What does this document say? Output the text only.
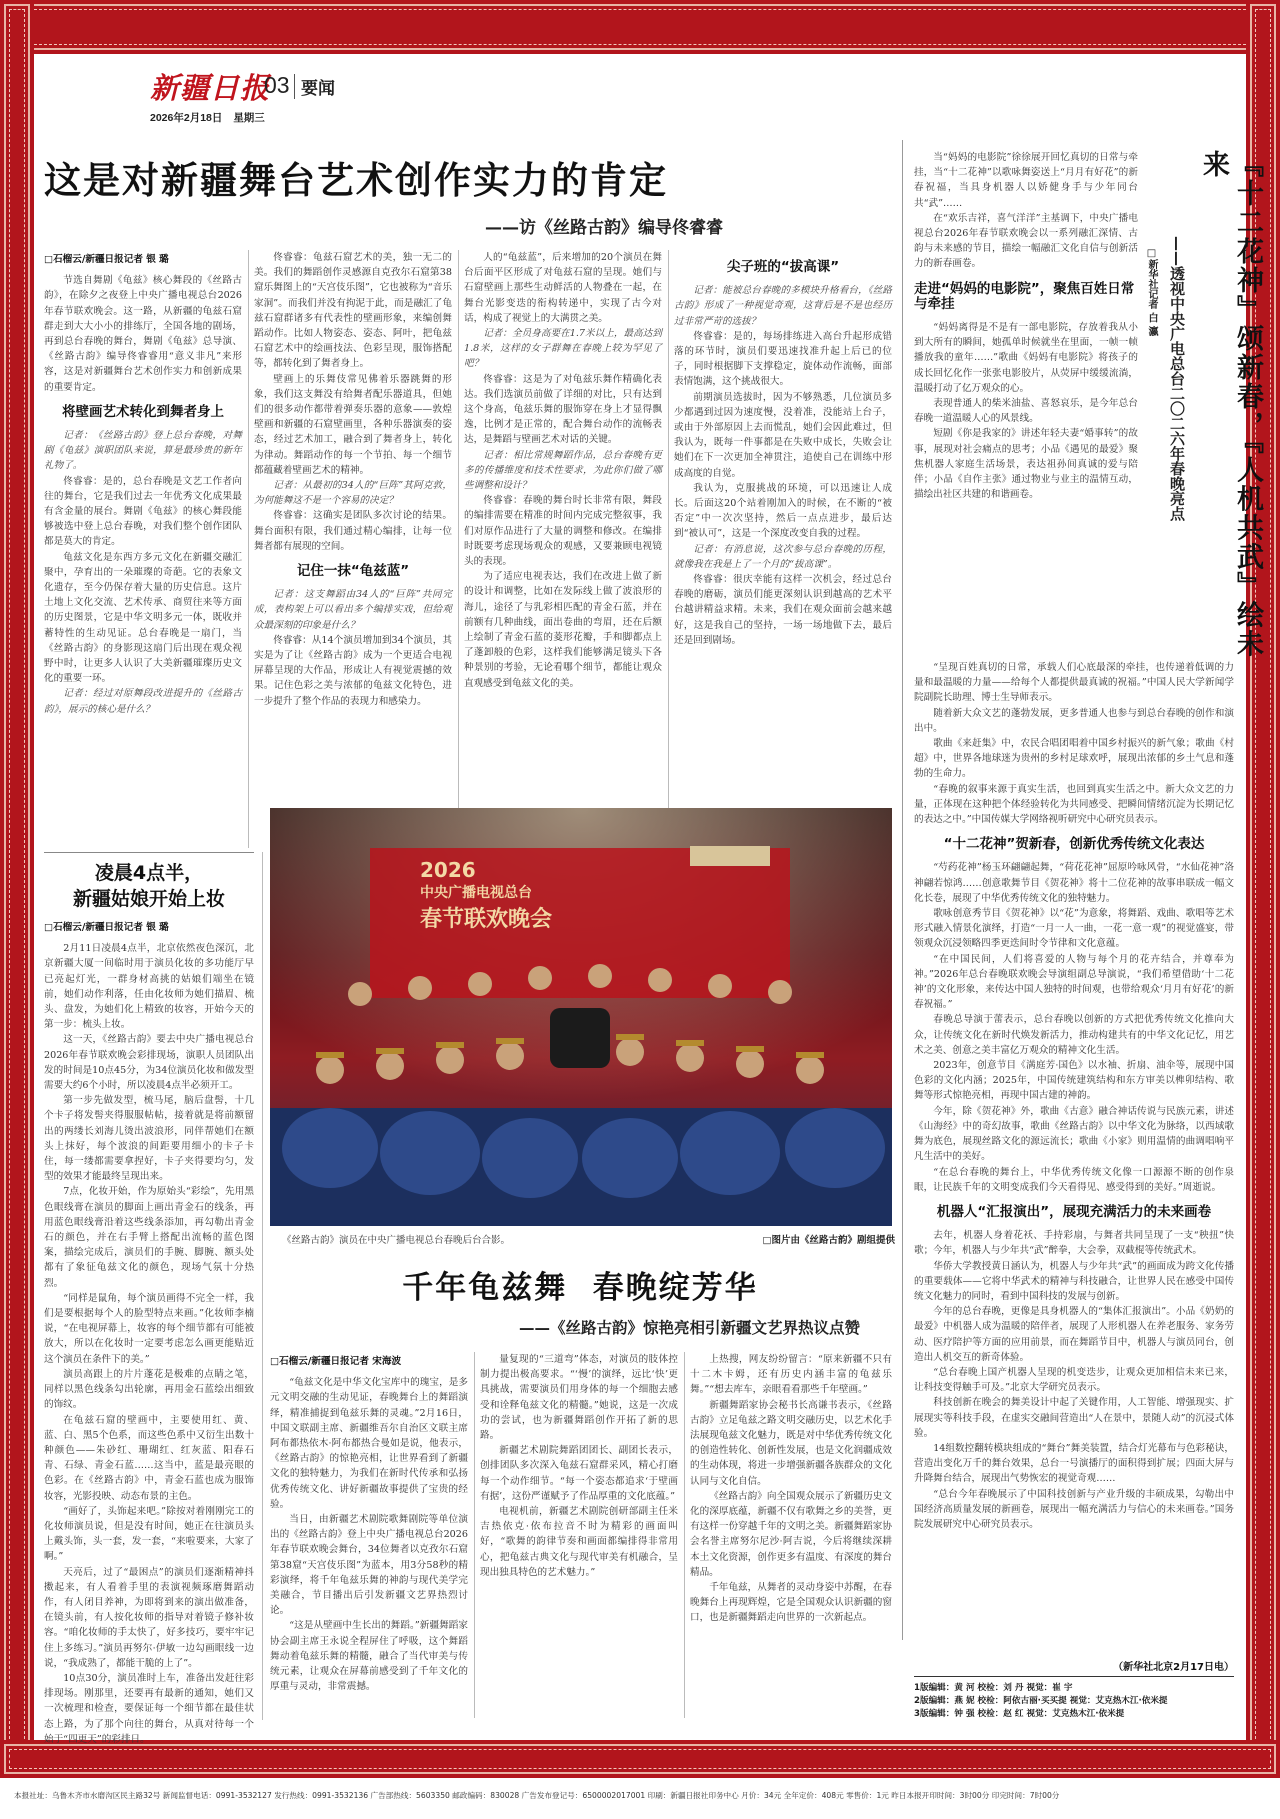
新疆日报
03 要闻
2026年2月18日 星期三
这是对新疆舞台艺术创作实力的肯定
——访《丝路古韵》编导佟睿睿

□石榴云/新疆日报记者 银 璐

节选自舞剧《龟兹》核心舞段的《丝路古韵》，在除夕之夜登上中央广播电视总台2026年春节联欢晚会。这一路，从新疆的龟兹石窟群走到大大小小的排练厅，全国各地的剧场，再到总台春晚的舞台，舞剧《龟兹》总导演、《丝路古韵》编导佟睿睿用“意义非凡”来形容，这是对新疆舞台艺术创作实力和创新成果的重要肯定。

将壁画艺术转化到舞者身上

记者：《丝路古韵》登上总台春晚，对舞剧《龟兹》演职团队来说，算是最珍贵的新年礼物了。

佟睿睿：是的，总台春晚是文艺工作者向往的舞台，它是我们过去一年优秀文化成果最有含金量的展台。舞剧《龟兹》的核心舞段能够被选中登上总台春晚，对我们整个创作团队都是莫大的肯定。

龟兹文化是东西方多元文化在新疆交融汇聚中，孕育出的一朵璀璨的奇葩。它的表象文化遗存，至今仍保存着大量的历史信息。这片土地上文化交流、艺术传承、商贸往来等方面的历史图景，它是中华文明多元一体，既收并蓄特性的生动见证。总台春晚是一扇门，当《丝路古韵》的身影现这扇门后出现在观众视野中时，让更多人认识了大美新疆璀璨历史文化的重要一环。

记者：经过对原舞段改进提升的《丝路古韵》，展示的核心是什么？

佟睿睿：龟兹石窟艺术的美，独一无二的美。我们的舞蹈创作灵感源自克孜尔石窟第38窟乐舞图上的“天宫伎乐图”，它也被称为“音乐家洞”。而我们并没有拘泥于此，而是融汇了龟兹石窟群诸多有代表性的壁画形象，来编创舞蹈动作。比如人物姿态、姿态、阿叶，把龟兹石窟艺术中的绘画技法、色彩呈现，服饰搭配等，都转化到了舞者身上。

壁画上的乐舞伎常见佛着乐器跳舞的形象，我们这支舞没有给舞者配乐器道具，但她们的很多动作都带着弹奏乐器的意象——敦煌壁画和新疆的石窟壁画里，各种乐器演奏的姿态，经过艺术加工，融合到了舞者身上，转化为律动。舞蹈动作的每一个节拍、每一个细节都蕴藏着壁画艺术的精神。

记者：从最初的34人的“巨阵”其阿克敦，为何能舞这不是一个容易的决定？

佟睿睿：这确实是团队多次讨论的结果。舞台面积有限，我们通过精心编排，让每一位舞者都有展现的空间。

记住一抹“龟兹蓝”

记者：这支舞蹈由34人的“巨阵”共同完成，表构架上可以看出多个编排实戏，但给观众最深刻的印象是什么？

佟睿睿：从14个演员增加到34个演员，其实是为了让《丝路古韵》成为一个更适合电视屏幕呈现的大作品，形成让人有视觉震撼的效果。记住色彩之美与浓郁的龟兹文化特色，进一步提升了整个作品的表现力和感染力。

人的“龟兹蓝”，后来增加的20个演员在舞台后面平区形成了对龟兹石窟的呈现。她们与石窟壁画上那些生动鲜活的人物叠在一起，在舞台光影变迭的衔构转递中，实现了古今对话，构成了视觉上的大满贯之美。

记者：全员身高要在1.7米以上，最高达到1.8米，这样的女子群舞在春晚上较为罕见了吧？

佟睿睿：这是为了对龟兹乐舞作精确化表达。我们选演员前做了详细的对比，只有达到这个身高，龟兹乐舞的服饰穿在身上才显得飘逸，比例才是正常的，配合舞台动作的流畅表达，是舞蹈与壁画艺术对话的关键。

记者：相比常规舞蹈作品，总台春晚有更多的传播维度和技术性要求，为此你们做了哪些调整和设计？

佟睿睿：春晚的舞台时长非常有限，舞段的编排需要在精准的时间内完成完整叙事，我们对原作品进行了大量的调整和修改。在编排时既要考虑现场观众的观感，又要兼顾电视镜头的表现。

为了适应电视表达，我们在改进上做了新的设计和调整，比如在发际线上做了波浪形的海儿，途径了与乳彩相匹配的青金石蓝，并在前额有几种曲线，面出卷曲的弯眉，还在后额上绘制了青金石蓝的菱形花瓣，手和脚都点上了蓬卸般的色彩，这样我们能够满足镜头下各种景别的考验，无论看哪个细节，都能让观众直观感受到龟兹文化的美。

尖子班的“拔高课”

记者：能被总台春晚的多模块升格看台，《丝路古韵》形成了一种视觉奇观，这背后是不是也经历过非常严苛的选拔？

佟睿睿：是的，每场排练进入高台升起形成错落的环节时，演员们要迅速找准升起上后已的位子，同时根据脚下支撑稳定，旋体动作流畅，面部表情饱满，这个挑战很大。

前期演员选拔时，因为不够熟悉，几位演员多少都遇到过因为速度慢，没着准，没能站上台子，或由于外部原因上去而慌乱，她们会因此难过，但我认为，既每一件事都是在失败中成长，失败会让她们在下一次更加全神贯注，追使自己在训练中形成高度的自觉。

我认为，克服挑战的环境，可以迅速让人成长。后面这20个站着刚加入的时候，在不断的“被否定”中一次次坚持，然后一点点进步，最后达到“被认可”，这是一个深度改变自我的过程。

记者：有消息说，这次参与总台春晚的历程，就像我在我是上了一个月的“拔高课”。

佟睿睿：很庆幸能有这样一次机会，经过总台春晚的磨砺，演员们能更深刻认识到越高的艺术平台越讲精益求精。未来，我们在观众面前会越来越好，这是我自己的坚持，一场一场地做下去，最后还是回到剧场。

凌晨4点半，
新疆姑娘开始上妆

□石榴云/新疆日报记者 银 璐

2月11日凌晨4点半，北京依然夜色深沉，北京新疆大厦一间临时用于演员化妆的多功能厅早已亮起灯光，一群身材高挑的姑娘们端坐在镜前，她们动作利落，任由化妆师为她们描眉、梳头、盘发，为她们化上精致的妆容，开始今天的第一步：梳头上妆。

这一天，《丝路古韵》要去中央广播电视总台2026年春节联欢晚会彩排现场，演职人员团队出发的时间是10点45分，为34位演员化妆和做发型需要大约6个小时，所以凌晨4点半必须开工。

第一步先做发型，梳马尾，脑后盘髻，十几个卡子将发髻夹得服服帖帖，接着就是将前额留出的两缕长刘海儿烫出波浪形，同伴帮她们在额头上抹好，每个波浪的间距要用细小的卡子卡住，每一缕都需要拿捏好，卡子夹得要均匀，发型的效果才能最终呈现出来。

7点，化妆开始，作为原始头“彩绘”，先用黑色眼线膏在演员的脚面上画出青金石的线条，再用蓝色眼线膏沿着这些线条添加，再勾勒出青金石的颜色，并在右手臂上搭配出流畅的蓝色图案，描绘完成后，演员们的手腕、脚腕、额头处都有了象征龟兹文化的颜色，现场气氛十分热烈。

“同样是鼠角，每个演员画得不完全一样，我们是要根据每个人的脸型特点来画。”化妆师李楠说，“在电视屏幕上，妆容的每个细节都有可能被放大，所以在化妆时一定要考虑怎么画更能贴近这个演员在条件下的美。”

演员高跟上的片片蓬花是极难的点睛之笔，同样以黑色线条勾出轮廓，再用金石蓝绘出细致的饰纹。

在龟兹石窟的壁画中，主要使用红、黄、蓝、白、黑5个色系，而这些色系中又衍生出数十种颜色——朱砂红、珊瑚红、红灰蓝、阳春石青、石绿、青金石蓝……这当中，蓝是最亮眼的色彩。在《丝路古韵》中，青金石蓝也成为服饰妆容，光影投映、动态布景的主色。

“画好了，头饰起来吧。”除按对着刚刚完工的化妆师演员说，但是没有时间，她正在往演员头上戴头饰，头一套，发一套，“来啦要来，大家了啊。”

天亮后，过了“最困点”的演员们逐渐精神抖擞起来，有人看着手里的表演视频琢磨舞蹈动作，有人闭目养神，为即将到来的演出做准备，在镜头前，有人按化妆师的指导对着镜子修补妆容。“咱化妆师的手太快了，好多技巧，要牢牢记住上多练习。”演员再努尔·伊敏一边勾画眼线一边说，“我成熟了，都能干脆的上了”。

10点30分，演员准时上车，准备出发赶往彩排现场。刚那里，还要再有最新的通知，她们又一次梳理和检查，要保证每一个细节都在最佳状态上路，为了那个向往的舞台，从真对待每一个始于“四更天”的彩排日。

2026
中央广播电视总台
春节联欢晚会
《丝路古韵》演员在中央广播电视总台春晚后台合影。	□图片由《丝路古韵》剧组提供
千年龟兹舞  春晚绽芳华
——《丝路古韵》惊艳亮相引新疆文艺界热议点赞

□石榴云/新疆日报记者 宋海波

“龟兹文化是中华文化宝库中的瑰宝，是多元文明交融的生动见证，春晚舞台上的舞蹈演绎，精准捕捉到龟兹乐舞的灵魂。”2月16日，中国文联副主席、新疆维吾尔自治区文联主席阿布都热依木·阿布都热合曼如是说，他表示，《丝路古韵》的惊艳亮相，让世界看到了新疆文化的独特魅力，为我们在新时代传承和弘扬优秀传统文化、讲好新疆故事提供了宝贵的经验。

当日，由新疆艺术剧院歌舞剧院等单位演出的《丝路古韵》登上中央广播电视总台2026年春节联欢晚会舞台，34位舞者以克孜尔石窟第38窟“天宫伎乐图”为蓝本，用3分58秒的精彩演绎，将千年龟兹乐舞的神韵与现代美学完美融合，节目播出后引发新疆文艺界热烈讨论。

“这是从壁画中生长出的舞蹈。”新疆舞蹈家协会副主席王永说全程屏住了呼吸，这个舞蹈舞动着龟兹乐舞的精髓，融合了当代审美与传统元素，让观众在屏幕前感受到了千年文化的厚重与灵动，非常震撼。

量复现的“三道弯”体态，对演员的肢体控制力提出极高要求。“‘慢’的演绎，远比‘快’更具挑战，需要演员们用身体的每一个细胞去感受和诠释龟兹文化的精髓。”她说，这是一次成功的尝试，也为新疆舞蹈创作开拓了新的思路。

新疆艺术剧院舞蹈团团长、副团长表示，创排团队多次深入龟兹石窟群采风，精心打磨每一个动作细节。“每一个姿态都追求‘于壁画有据’，这份严谨赋予了作品厚重的文化底蕴。”

电视机前，新疆艺术剧院创研部副主任米吉热依克·依布拉音不时为精彩的画面叫好，“歌舞的韵律节奏和画面都编排得非常用心，把龟兹古典文化与现代审美有机融合，呈现出独具特色的艺术魅力。”

上热搜，网友纷纷留言：“原来新疆不只有十二木卡姆，还有历史内涵丰富的龟兹乐舞。”“想去库车，亲眼看看那些千年壁画。”

新疆舞蹈家协会秘书长高谦书表示，《丝路古韵》立足龟兹之路文明交融历史，以艺术化手法展现龟兹文化魅力，既是对中华优秀传统文化的创造性转化、创新性发展，也是文化润疆成效的生动体现，将进一步增强新疆各族群众的文化认同与文化自信。

《丝路古韵》向全国观众展示了新疆历史文化的深厚底蕴，新疆不仅有歌舞之乡的美誉，更有这样一份穿越千年的文明之美。新疆舞蹈家协会名誉主席努尔尼沙·阿吉说，今后将继续深耕本土文化资源，创作更多有温度、有深度的舞台精品。

千年龟兹，从舞者的灵动身姿中苏醒，在春晚舞台上再现辉煌，它是全国观众认识新疆的窗口，也是新疆舞蹈走向世界的一次新起点。

『十二花神』颂新春，『人机共武』绘未来
——透视中央广电总台二〇二六年春晚亮点
□新华社记者 白 瀛

当“妈妈的电影院”徐徐展开回忆真切的日常与牵挂，当“十二花神”以歌咏舞姿送上“月月有好花”的新春祝福，当具身机器人以娇健身手与少年同台共“武”……

在“欢乐吉祥，喜气洋洋”主基调下，中央广播电视总台2026年春节联欢晚会以一系列融汇深情、古韵与未来感的节目，描绘一幅融汇文化自信与创新活力的新春画卷。

走进“妈妈的电影院”，聚焦百姓日常与牵挂

“妈妈离得是不是有一部电影院，存放着我从小到大所有的瞬间，她孤单时候就坐在里面，一帧一帧播放我的童年……”歌曲《妈妈有电影院》将孩子的成长回忆化作一张张电影胶片，从荧屏中缓缓流淌，温暖打动了亿万观众的心。

表现普通人的柴米油盐、喜怒哀乐，是今年总台春晚一道温暖人心的风景线。

短剧《你是我家的》讲述年轻夫妻“婚事转”的故事，展现对社会痛点的思考；小品《遇见的最爱》聚焦机器人家庭生活场景，表达祖孙间真诚的爱与陪伴；小品《自作主张》通过物业与业主的温情互动，描绘出社区共建的和谐画卷。

“呈现百姓真切的日常，承载人们心底最深的牵挂，也传递着低调的力量和最温暖的力量——给每个人都提供最真诚的祝福。”中国人民大学新闻学院副院长助理、博士生导师表示。

随着新大众文艺的蓬勃发展，更多普通人也参与到总台春晚的创作和演出中。

歌曲《来赶集》中，农民合唱团唱着中国乡村振兴的新气象；歌曲《村超》中，世界各地球迷为贵州的乡村足球欢呼，展现出浓郁的乡土气息和蓬勃的生命力。

“春晚的叙事来源于真实生活，也回到真实生活之中。新大众文艺的力量，正体现在这种把个体经验转化为共同感受、把瞬间情绪沉淀为长期记忆的表达之中。”中国传媒大学网络视听研究中心研究员表示。

“十二花神”贺新春，创新优秀传统文化表达

“芍药花神”杨玉环翩翩起舞，“荷花花神”屈原吟咏风骨，“水仙花神”洛神翩若惊鸿……创意歌舞节目《贺花神》将十二位花神的故事串联成一幅文化长卷，展现了中华优秀传统文化的独特魅力。

歌咏创意秀节目《贺花神》以“花”为意象，将舞蹈、戏曲、歌唱等艺术形式融入情景化演绎，打造“一月一人一曲，一花一意一观”的视觉盛宴，带领观众沉浸领略四季更迭间时令节律和文化意蕴。

“在中国民间，人们将喜爱的人物与每个月的花卉结合，并尊奉为神。”2026年总台春晚联欢晚会导演组副总导演说，“我们希望借助‘十二花神’的文化形象，来传达中国人独特的时间观，也带给观众‘月月有好花’的新春祝福。”

春晚总导演于蕾表示，总台春晚以创新的方式把优秀传统文化推向大众，让传统文化在新时代焕发新活力，推动构建共有的中华文化记忆，用艺术之美、创意之美丰富亿万观众的精神文化生活。

2023年，创意节目《满庭芳·国色》以水袖、折扇、油伞等，展现中国色彩的文化内涵；2025年，中国传统建筑结构和东方审美以榫卯结构、歌舞等形式惊艳亮相，再现中国古建的神韵。

今年，除《贺花神》外，歌曲《古意》融合神话传说与民族元素，讲述《山海经》中的奇幻故事，歌曲《丝路古韵》以中华文化为脉络，以西域歌舞为底色，展现丝路文化的源远流长；歌曲《小家》则用温情的曲调唱响平凡生活中的美好。

“在总台春晚的舞台上，中华优秀传统文化像一口源源不断的创作泉眼，让民族千年的文明变成我们今天看得见、感受得到的美好。”周逝说。

机器人“汇报演出”，展现充满活力的未来画卷

去年，机器人身着花袄、手持彩扇，与舞者共同呈现了一支“秧扭”快歌；今年，机器人与少年共“武”醉拳，大会拳，双截棍等传统武术。

华侨大学教授黄日涵认为，机器人与少年共“武”的画面成为跨文化传播的重要载体——它将中华武术的精神与科技融合，让世界人民在感受中国传统文化魅力的同时，看到中国科技的发展与创新。

今年的总台春晚，更像是具身机器人的“集体汇报演出”。小品《奶奶的最爱》中机器人成为温暖的陪伴者，展现了人形机器人在养老服务、家务劳动、医疗陪护等方面的应用前景，而在舞蹈节目中，机器人与演员同台，创造出人机交互的新奇体验。

“总台春晚上国产机器人呈现的机变迭步，让观众更加相信未来已来，让科技变得触手可及。”北京大学研究员表示。

科技创新在晚会的舞美设计中起了关键作用，人工智能、增强现实、扩展现实等科技手段，在虚实交融间营造出“人在景中，景随人动”的沉浸式体验。

14组数控翻转模块组成的“舞台”舞美装置，结合灯光幕布与色彩秘诀，营造出变化万千的舞台效果，总台一号演播厅的面积得到扩展；四面大屏与升降舞台结合，展现出气势恢宏的视觉奇观……

“总台今年春晚展示了中国科技创新与产业升级的丰硕成果，勾勒出中国经济高质量发展的新画卷，展现出一幅充满活力与信心的未来画卷。”国务院发展研究中心研究员表示。

（新华社北京2月17日电）
1版编辑：黄 河 校检：刘 丹 视觉：崔 宇
2版编辑：燕 妮 校检：阿依古丽·买买提 视觉：艾克热木江·依米提
3版编辑：钟 强 校检：赵 红 视觉：艾克热木江·依米提
本报社址：乌鲁木齐市水磨沟区民主路32号 新闻监督电话：0991-3532127 发行热线：0991-3532136 广告部热线：5603350 邮政编码：830028 广告发布登记号：6500002017001 印刷：新疆日报社印务中心 月价：34元 全年定价：408元 零售价：1元 昨日本报开印时间：3时00分 印完时间：7时00分
